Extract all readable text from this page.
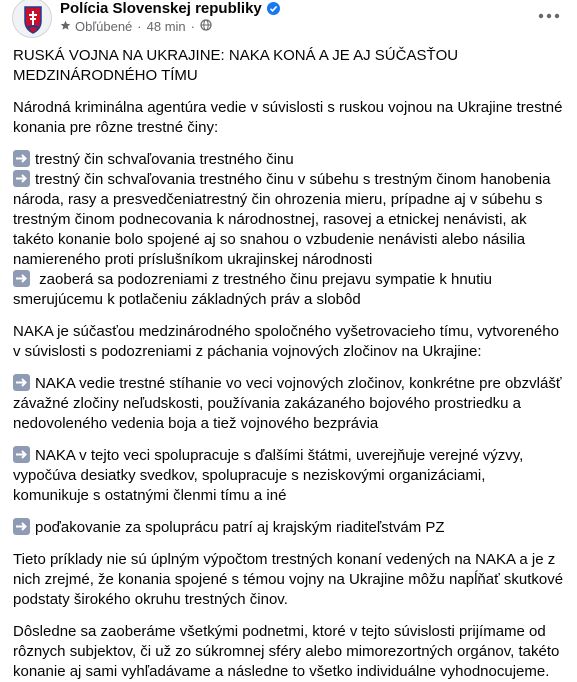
Polícia Slovenskej republiky
Obľúbené · 48 min ·

RUSKÁ VOJNA NA UKRAJINE: NAKA KONÁ A JE AJ SÚČASŤOU MEDZINÁRODNÉHO TÍMU

Národná kriminálna agentúra vedie v súvislosti s ruskou vojnou na Ukrajine trestné konania pre rôzne trestné činy:

trestný čin schvaľovania trestného činu
trestný čin schvaľovania trestného činu v súbehu s trestným činom hanobenia národa, rasy a presvedčeniatrestný čin ohrozenia mieru, prípadne aj v súbehu s trestným činom podnecovania k národnostnej, rasovej a etnickej nenávisti, ak takéto konanie bolo spojené aj so snahou o vzbudenie nenávisti alebo násilia namiereného proti príslušníkom ukrajinskej národnosti
zaoberá sa podozreniami z trestného činu prejavu sympatie k hnutiu smerujúcemu k potlačeniu základných práv a slobôd

NAKA je súčasťou medzinárodného spoločného vyšetrovacieho tímu, vytvoreného v súvislosti s podozreniami z páchania vojnových zločinov na Ukrajine:

NAKA vedie trestné stíhanie vo veci vojnových zločinov, konkrétne pre obzvlášť závažné zločiny neľudskosti, používania zakázaného bojového prostriedku a nedovoleného vedenia boja a tiež vojnového bezprávia

NAKA v tejto veci spolupracuje s ďalšími štátmi, uverejňuje verejné výzvy, vypočúva desiatky svedkov, spolupracuje s neziskovými organizáciami, komunikuje s ostatnými členmi tímu a iné

poďakovanie za spoluprácu patrí aj krajským riaditeľstvám PZ

Tieto príklady nie sú úplným výpočtom trestných konaní vedených na NAKA a je z nich zrejmé, že konania spojené s témou vojny na Ukrajine môžu napĺňať skutkové podstaty širokého okruhu trestných činov.

Dôsledne sa zaoberáme všetkými podnetmi, ktoré v tejto súvislosti prijímame od rôznych subjektov, či už zo súkromnej sféry alebo mimorezortných orgánov, takéto konanie aj sami vyhľadávame a následne to všetko individuálne vyhodnocujeme.
